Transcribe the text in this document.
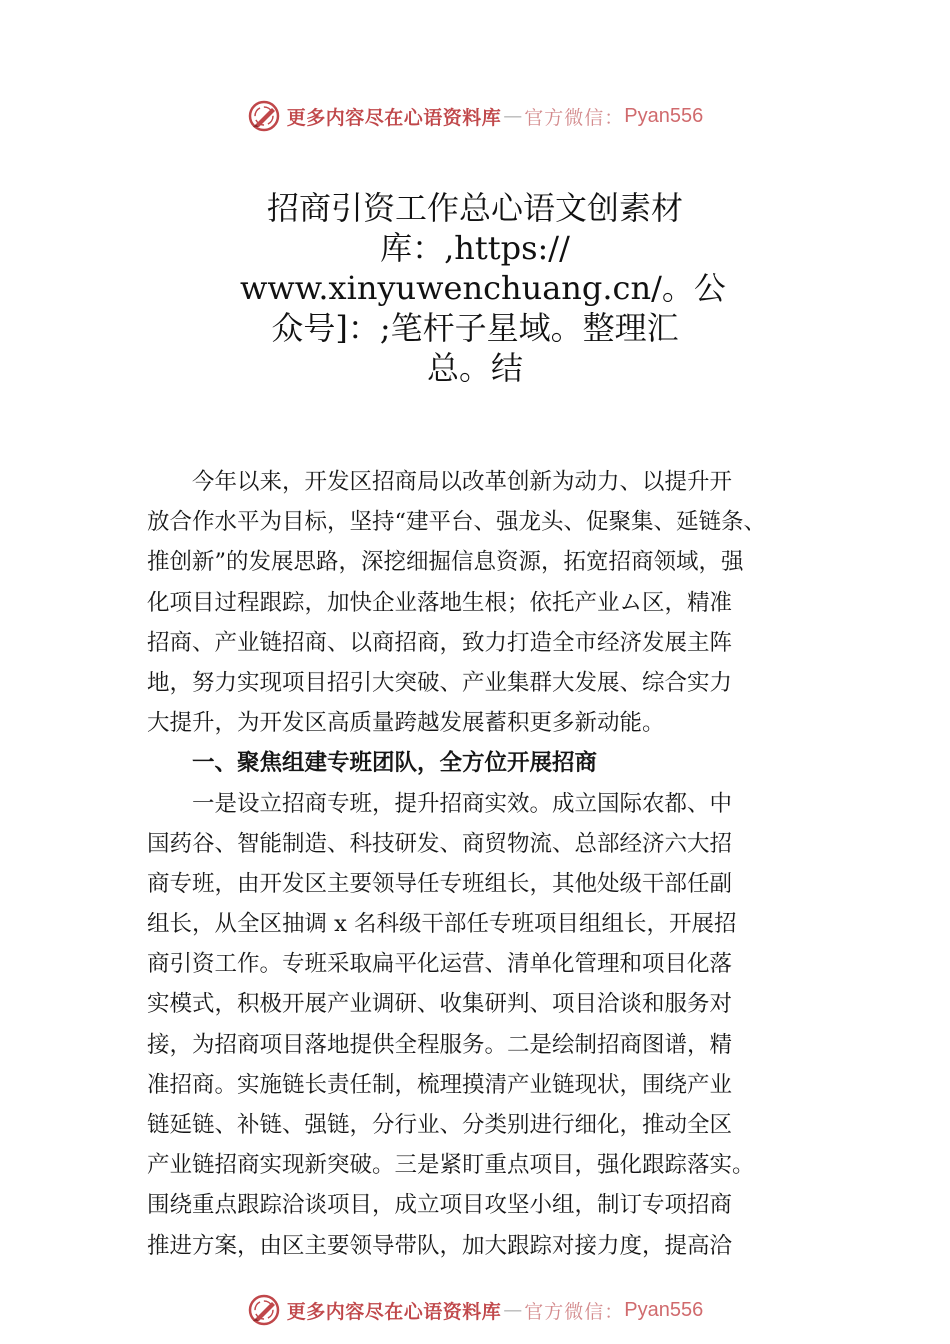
更多内容尽在心语资料库 — 官方微信： Pyan556
招商引资工作总心语文创素材
库：,https://
www.xinyuwenchuang.cn/。公
众号]：;笔杆子星域。整理汇
总。结
　　今年以来，开发区招商局以改革创新为动力、以提升开
放合作水平为目标，坚持“建平台、强龙头、促聚集、延链条、
推创新”的发展思路，深挖细掘信息资源，拓宽招商领域，强
化项目过程跟踪，加快企业落地生根；依托产业ム区，精准
招商、产业链招商、以商招商，致力打造全市经济发展主阵
地，努力实现项目招引大突破、产业集群大发展、综合实力
大提升，为开发区高质量跨越发展蓄积更多新动能。
　　一、聚焦组建专班团队，全方位开展招商
　　一是设立招商专班，提升招商实效。成立国际农都、中
国药谷、智能制造、科技研发、商贸物流、总部经济六大招
商专班，由开发区主要领导任专班组长，其他处级干部任副
组长，从全区抽调 x 名科级干部任专班项目组组长，开展招
商引资工作。专班采取扁平化运营、清单化管理和项目化落
实模式，积极开展产业调研、收集研判、项目洽谈和服务对
接，为招商项目落地提供全程服务。二是绘制招商图谱，精
准招商。实施链长责任制，梳理摸清产业链现状，围绕产业
链延链、补链、强链，分行业、分类别进行细化，推动全区
产业链招商实现新突破。三是紧盯重点项目，强化跟踪落实。
围绕重点跟踪洽谈项目，成立项目攻坚小组，制订专项招商
推进方案，由区主要领导带队，加大跟踪对接力度，提高洽
更多内容尽在心语资料库 — 官方微信： Pyan556
